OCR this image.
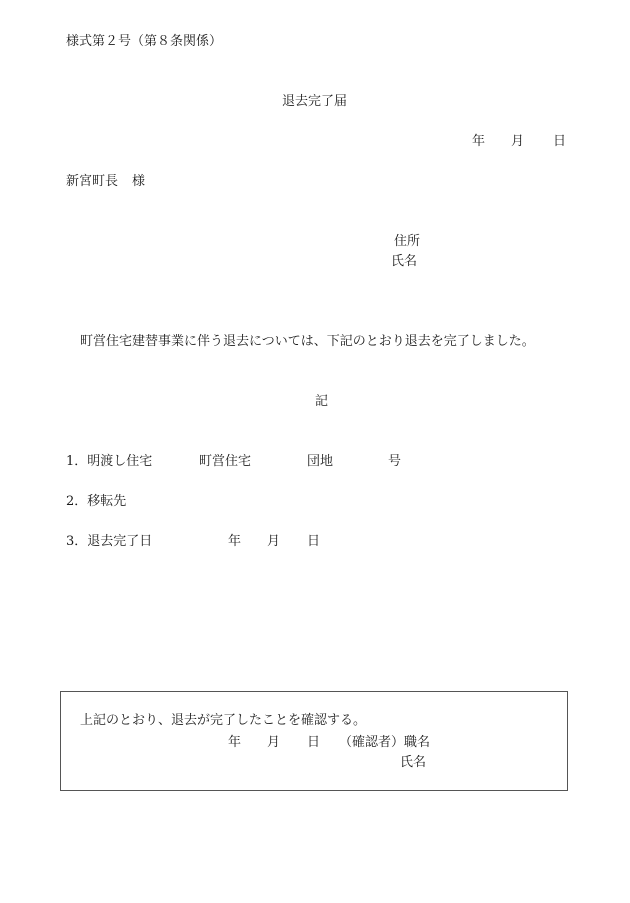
様式第２号（第８条関係）
退去完了届
年 月 日
新宮町長 様
住所
氏名
町営住宅建替事業に伴う退去については、下記のとおり退去を完了しました。
記
1．明渡し住宅	町営住宅	団地	号
2．移転先
3．退去完了日	年 月 日
上記のとおり、退去が完了したことを確認する。
年 月 日 （確認者）職名
氏名
